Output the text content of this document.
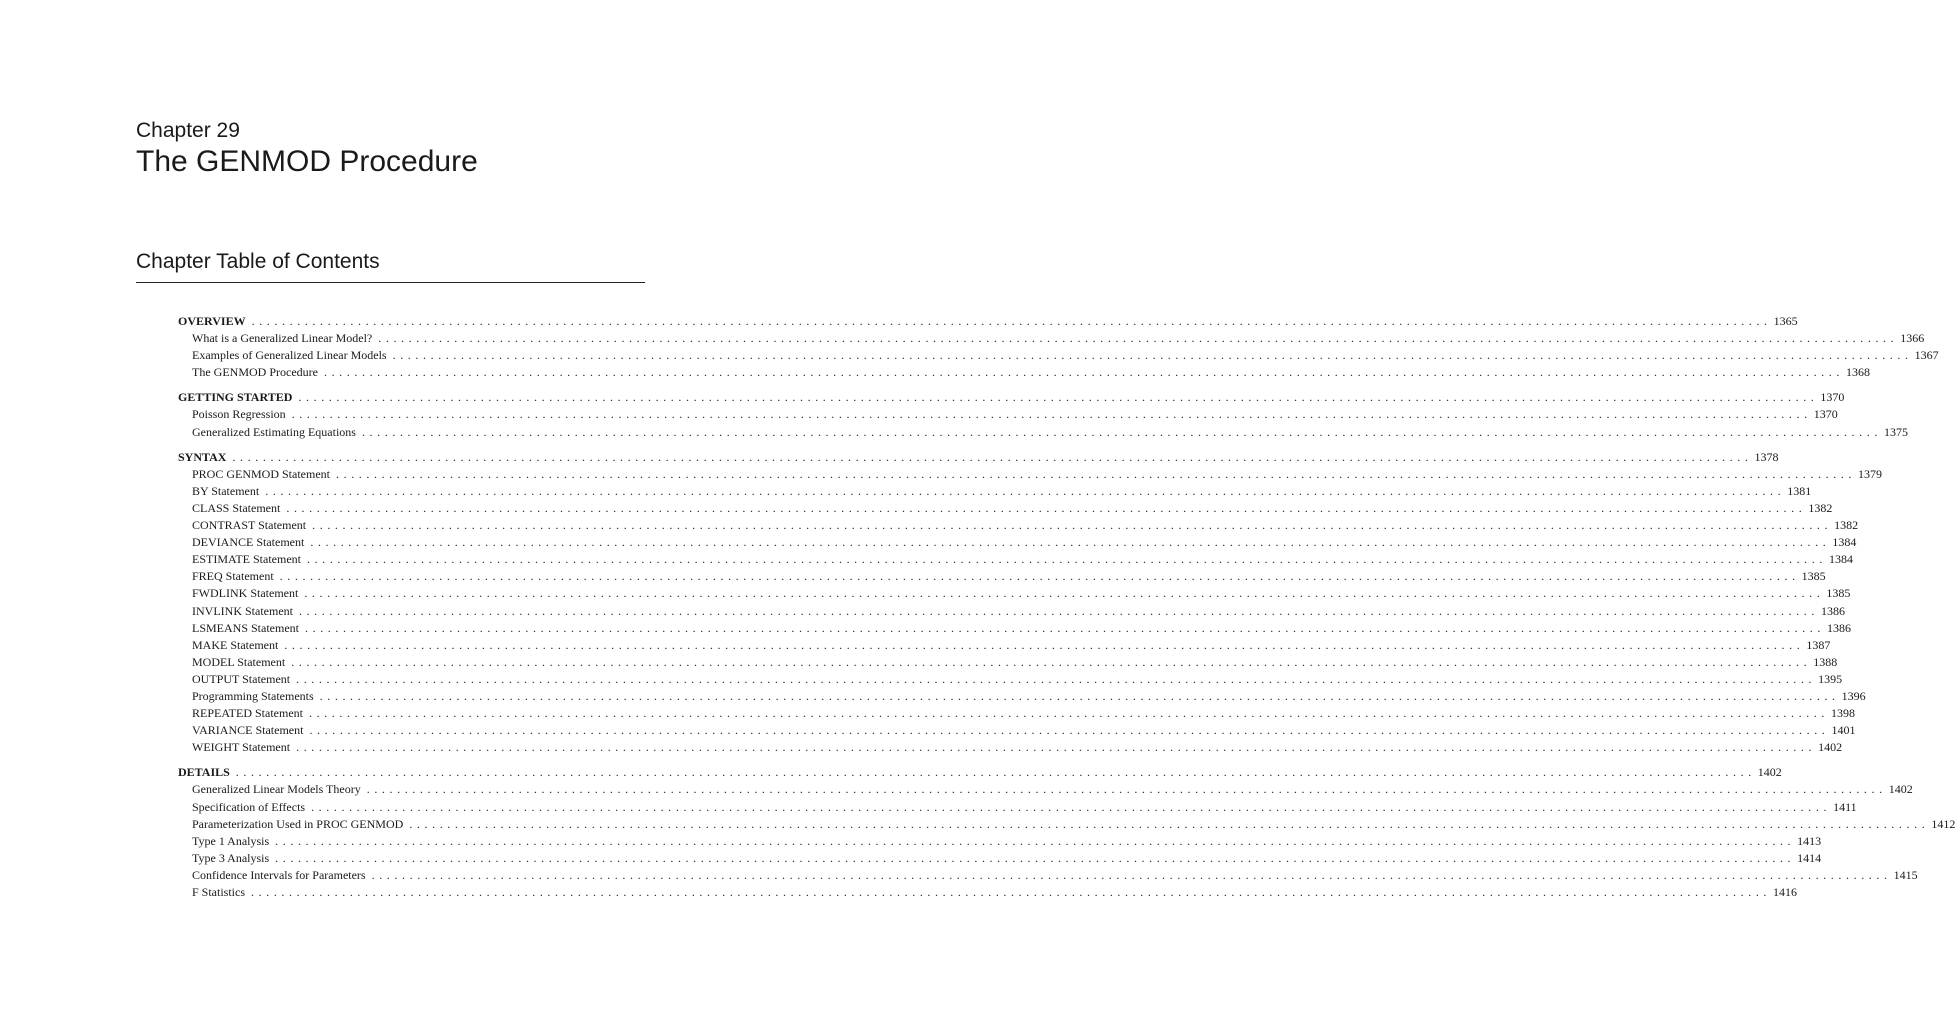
Chapter 29
The GENMOD Procedure
Chapter Table of Contents
OVERVIEW ........................................................................................................................................................................................................ 1365
What is a Generalized Linear Model? ........................................................................................................................................................................................................ 1366
Examples of Generalized Linear Models ........................................................................................................................................................................................................ 1367
The GENMOD Procedure ........................................................................................................................................................................................................ 1368
GETTING STARTED ........................................................................................................................................................................................................ 1370
Poisson Regression ........................................................................................................................................................................................................ 1370
Generalized Estimating Equations ........................................................................................................................................................................................................ 1375
SYNTAX ........................................................................................................................................................................................................ 1378
PROC GENMOD Statement ........................................................................................................................................................................................................ 1379
BY Statement ........................................................................................................................................................................................................ 1381
CLASS Statement ........................................................................................................................................................................................................ 1382
CONTRAST Statement ........................................................................................................................................................................................................ 1382
DEVIANCE Statement ........................................................................................................................................................................................................ 1384
ESTIMATE Statement ........................................................................................................................................................................................................ 1384
FREQ Statement ........................................................................................................................................................................................................ 1385
FWDLINK Statement ........................................................................................................................................................................................................ 1385
INVLINK Statement ........................................................................................................................................................................................................ 1386
LSMEANS Statement ........................................................................................................................................................................................................ 1386
MAKE Statement ........................................................................................................................................................................................................ 1387
MODEL Statement ........................................................................................................................................................................................................ 1388
OUTPUT Statement ........................................................................................................................................................................................................ 1395
Programming Statements ........................................................................................................................................................................................................ 1396
REPEATED Statement ........................................................................................................................................................................................................ 1398
VARIANCE Statement ........................................................................................................................................................................................................ 1401
WEIGHT Statement ........................................................................................................................................................................................................ 1402
DETAILS ........................................................................................................................................................................................................ 1402
Generalized Linear Models Theory ........................................................................................................................................................................................................ 1402
Specification of Effects ........................................................................................................................................................................................................ 1411
Parameterization Used in PROC GENMOD ........................................................................................................................................................................................................ 1412
Type 1 Analysis ........................................................................................................................................................................................................ 1413
Type 3 Analysis ........................................................................................................................................................................................................ 1414
Confidence Intervals for Parameters ........................................................................................................................................................................................................ 1415
F Statistics ........................................................................................................................................................................................................ 1416
